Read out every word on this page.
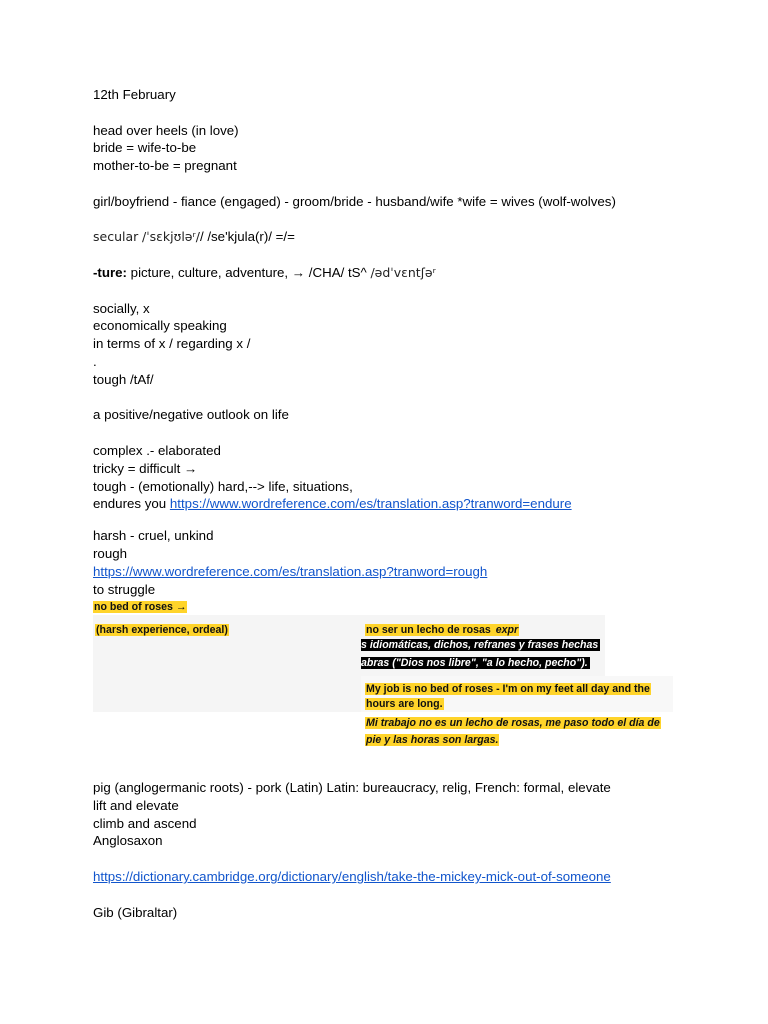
12th February
head over heels (in love)
bride = wife-to-be
mother-to-be = pregnant
girl/boyfriend - fiance (engaged) - groom/bride - husband/wife *wife = wives (wolf-wolves)
secular /ˈsɛkjʊləʳ// /se'kjula(r)/ =/=
-ture: picture, culture, adventure, → /CHA/ tS^ /ədˈvɛntʃəʳ
socially, x
economically speaking
in terms of x / regarding x /
.
tough /tAf/
a positive/negative outlook on life
complex .- elaborated
tricky = difficult →
tough - (emotionally) hard,--> life, situations,
endures you https://www.wordreference.com/es/translation.asp?tranword=endure
harsh - cruel, unkind
rough
https://www.wordreference.com/es/translation.asp?tranword=rough
to struggle
no bed of roses →
(harsh experience, ordeal)	no ser un lecho de rosas expr
s idiomáticas, dichos, refranes y frases hechas
abras ("Dios nos libre", "a lo hecho, pecho").
My job is no bed of roses - I'm on my feet all day and the
hours are long.
Mi trabajo no es un lecho de rosas, me paso todo el día de
pie y las horas son largas.
pig (anglogermanic roots) - pork (Latin) Latin: bureaucracy, relig, French: formal, elevate
lift and elevate
climb and ascend
Anglosaxon
https://dictionary.cambridge.org/dictionary/english/take-the-mickey-mick-out-of-someone
Gib (Gibraltar)
